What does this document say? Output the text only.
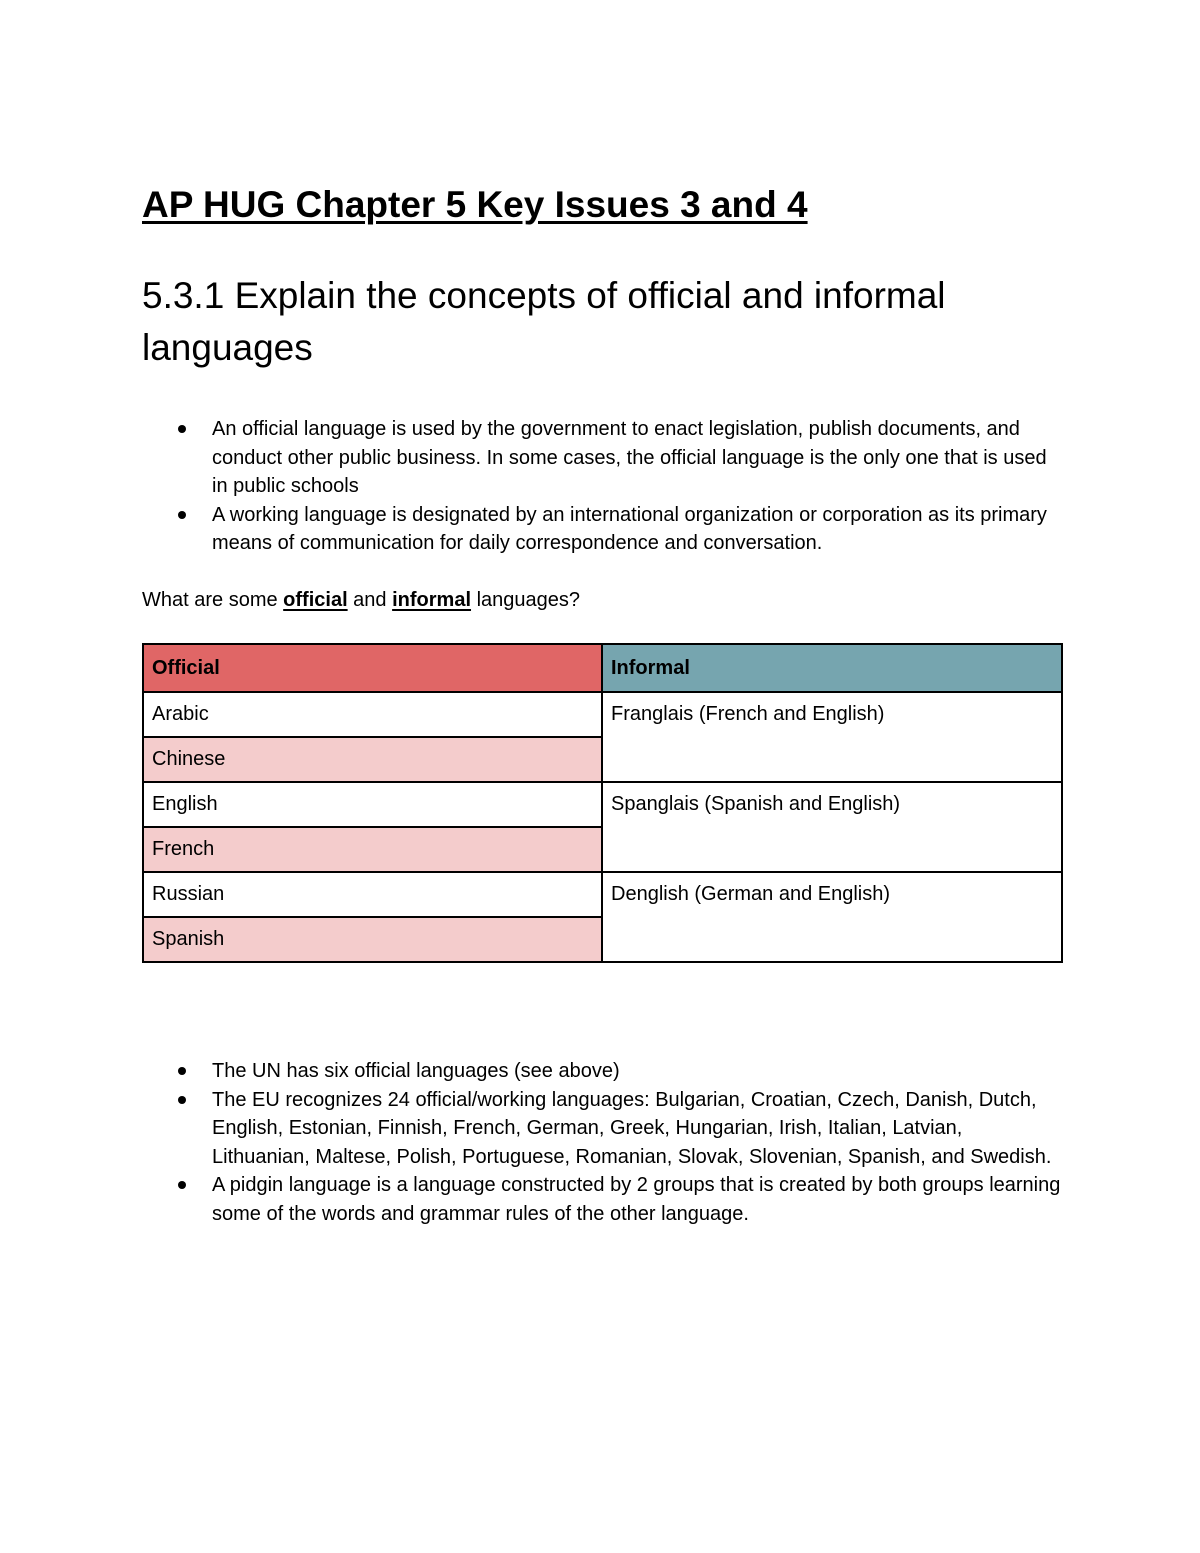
AP HUG Chapter 5 Key Issues 3 and 4
5.3.1 Explain the concepts of official and informal languages
An official language is used by the government to enact legislation, publish documents, and conduct other public business. In some cases, the official language is the only one that is used in public schools
A working language is designated by an international organization or corporation as its primary means of communication for daily correspondence and conversation.

What are some official and informal languages?

Official	Informal
Arabic	Franglais (French and English)
Chinese	
English	Spanglais (Spanish and English)
French	
Russian	Denglish (German and English)
Spanish	
The UN has six official languages (see above)
The EU recognizes 24 official/working languages: Bulgarian, Croatian, Czech, Danish, Dutch, English, Estonian, Finnish, French, German, Greek, Hungarian, Irish, Italian, Latvian, Lithuanian, Maltese, Polish, Portuguese, Romanian, Slovak, Slovenian, Spanish, and Swedish.
A pidgin language is a language constructed by 2 groups that is created by both groups learning some of the words and grammar rules of the other language.
